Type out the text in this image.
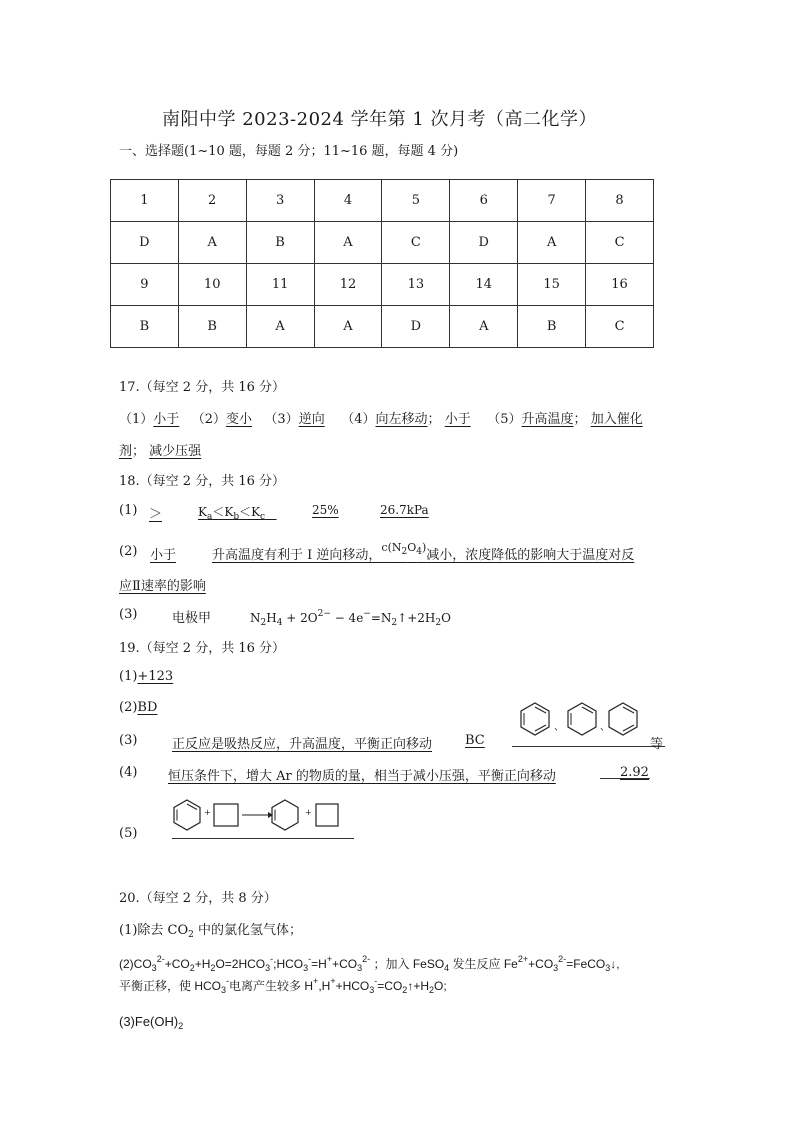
南阳中学 2023-2024 学年第 1 次月考（高二化学）
一、选择题(1~10 题，每题 2 分；11~16 题，每题 4 分)
1	2	3	4	5	6	7	8
D	A	B	A	C	D	A	C
9	10	11	12	13	14	15	16
B	B	A	A	D	A	B	C
17.（每空 2 分，共 16 分）
（1）小于 （2）变小 （3）逆向 （4）向左移动； 小于 （5）升高温度； 加入催化
剂； 减少压强
18.（每空 2 分，共 16 分）
(1) ＞	$K_a<K_b<K_c$	25%	26.7kPa
(2) 小于	升高温度有利于 I 逆向移动，$^{c(N_2O_4)}$减小，浓度降低的影响大于温度对反
应Ⅱ速率的影响
(3)	电极甲	$N_2H_4 + 2O^{2-}$ − $4e^-=N_2↑+2H_2O$
19.（每空 2 分，共 16 分）
(1)+123
(2)BD
(3)	正反应是吸热反应，升高温度，平衡正向移动	BC
、	、
等
(4) 恒压条件下，增大 Ar 的物质的量，相当于减小压强，平衡正向移动	2.92
(5)
+	+
20.（每空 2 分，共 8 分）
(1)除去 $CO_2$ 中的氯化氢气体；
$(2)CO_3^{2-}+CO_2+H_2O=2HCO_3^-;HCO_3^-=H^++CO_3^{2-}$ ；加入 FeSO$_4$ 发生反应 $Fe^{2+}+CO_3^{2-}=FeCO_3↓$,
平衡正移，使 $HCO_3^-$电离产生较多 $H^+,H^++HCO_3^-=CO_2↑+H_2O$;
$(3)Fe(OH)_2$
